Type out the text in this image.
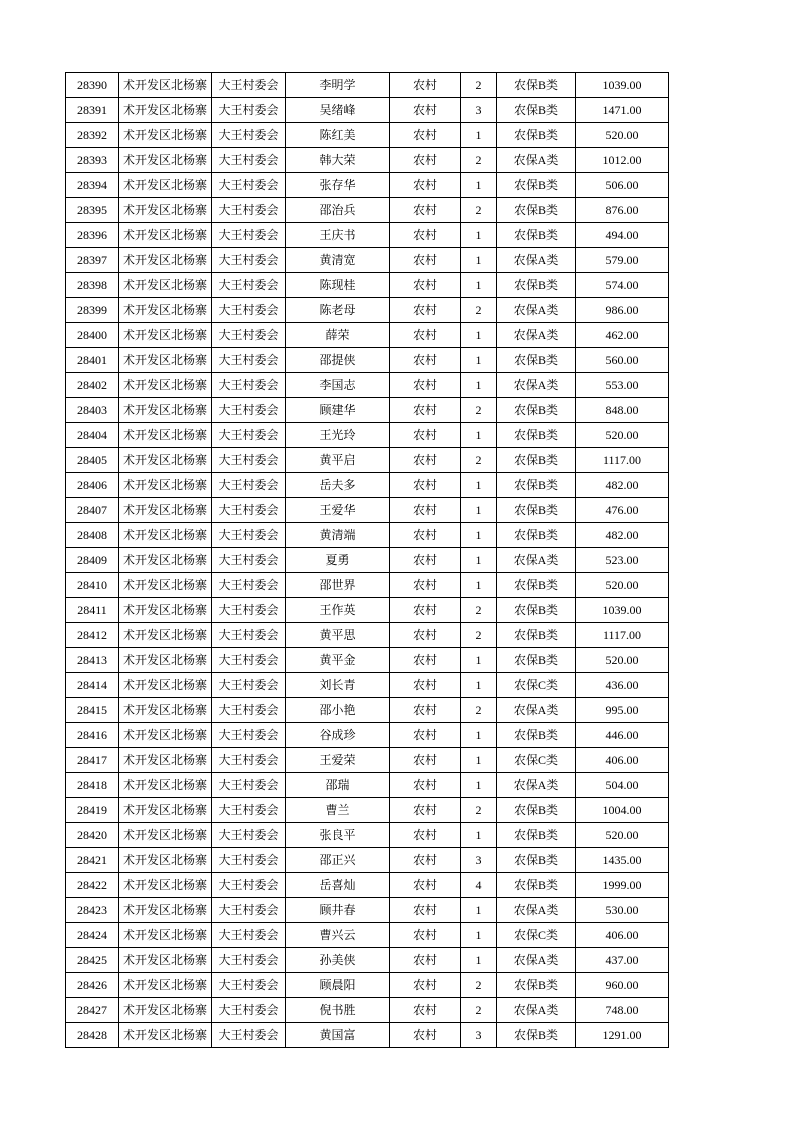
28390	术开发区北杨寨	大王村委会	李明学	农村	2	农保B类	1039.00
28391	术开发区北杨寨	大王村委会	吴绪峰	农村	3	农保B类	1471.00
28392	术开发区北杨寨	大王村委会	陈红美	农村	1	农保B类	520.00
28393	术开发区北杨寨	大王村委会	韩大荣	农村	2	农保A类	1012.00
28394	术开发区北杨寨	大王村委会	张存华	农村	1	农保B类	506.00
28395	术开发区北杨寨	大王村委会	邵治兵	农村	2	农保B类	876.00
28396	术开发区北杨寨	大王村委会	王庆书	农村	1	农保B类	494.00
28397	术开发区北杨寨	大王村委会	黄清宽	农村	1	农保A类	579.00
28398	术开发区北杨寨	大王村委会	陈现桂	农村	1	农保B类	574.00
28399	术开发区北杨寨	大王村委会	陈老母	农村	2	农保A类	986.00
28400	术开发区北杨寨	大王村委会	薛荣	农村	1	农保A类	462.00
28401	术开发区北杨寨	大王村委会	邵提侠	农村	1	农保B类	560.00
28402	术开发区北杨寨	大王村委会	李国志	农村	1	农保A类	553.00
28403	术开发区北杨寨	大王村委会	顾建华	农村	2	农保B类	848.00
28404	术开发区北杨寨	大王村委会	王光玲	农村	1	农保B类	520.00
28405	术开发区北杨寨	大王村委会	黄平启	农村	2	农保B类	1117.00
28406	术开发区北杨寨	大王村委会	岳夫多	农村	1	农保B类	482.00
28407	术开发区北杨寨	大王村委会	王爱华	农村	1	农保B类	476.00
28408	术开发区北杨寨	大王村委会	黄清端	农村	1	农保B类	482.00
28409	术开发区北杨寨	大王村委会	夏勇	农村	1	农保A类	523.00
28410	术开发区北杨寨	大王村委会	邵世界	农村	1	农保B类	520.00
28411	术开发区北杨寨	大王村委会	王作英	农村	2	农保B类	1039.00
28412	术开发区北杨寨	大王村委会	黄平思	农村	2	农保B类	1117.00
28413	术开发区北杨寨	大王村委会	黄平金	农村	1	农保B类	520.00
28414	术开发区北杨寨	大王村委会	刘长青	农村	1	农保C类	436.00
28415	术开发区北杨寨	大王村委会	邵小艳	农村	2	农保A类	995.00
28416	术开发区北杨寨	大王村委会	谷成珍	农村	1	农保B类	446.00
28417	术开发区北杨寨	大王村委会	王爱荣	农村	1	农保C类	406.00
28418	术开发区北杨寨	大王村委会	邵瑞	农村	1	农保A类	504.00
28419	术开发区北杨寨	大王村委会	曹兰	农村	2	农保B类	1004.00
28420	术开发区北杨寨	大王村委会	张良平	农村	1	农保B类	520.00
28421	术开发区北杨寨	大王村委会	邵正兴	农村	3	农保B类	1435.00
28422	术开发区北杨寨	大王村委会	岳喜灿	农村	4	农保B类	1999.00
28423	术开发区北杨寨	大王村委会	顾井春	农村	1	农保A类	530.00
28424	术开发区北杨寨	大王村委会	曹兴云	农村	1	农保C类	406.00
28425	术开发区北杨寨	大王村委会	孙美侠	农村	1	农保A类	437.00
28426	术开发区北杨寨	大王村委会	顾晨阳	农村	2	农保B类	960.00
28427	术开发区北杨寨	大王村委会	倪书胜	农村	2	农保A类	748.00
28428	术开发区北杨寨	大王村委会	黄国富	农村	3	农保B类	1291.00
